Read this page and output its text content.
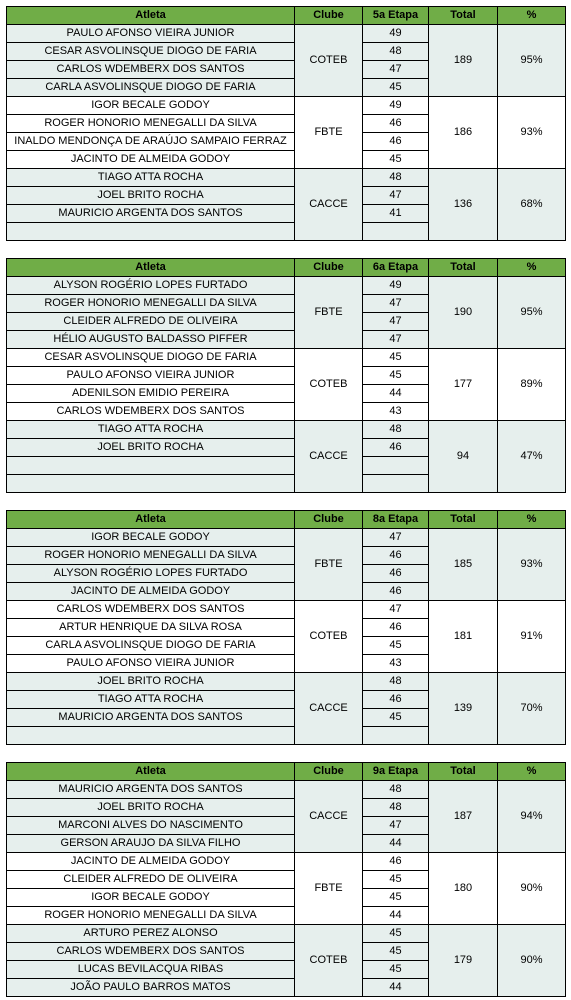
Atleta	Clube	5a Etapa	Total	%
PAULO AFONSO VIEIRA JUNIOR	COTEB	49	189	95%
CESAR ASVOLINSQUE DIOGO DE FARIA		48		
CARLOS WDEMBERX DOS SANTOS		47		
CARLA ASVOLINSQUE DIOGO DE FARIA		45		
IGOR BECALE GODOY	FBTE	49	186	93%
ROGER HONORIO MENEGALLI DA SILVA		46		
INALDO MENDONÇA DE ARAÚJO SAMPAIO FERRAZ		46		
JACINTO DE ALMEIDA GODOY		45		
TIAGO ATTA ROCHA	CACCE	48	136	68%
JOEL BRITO ROCHA		47		
MAURICIO ARGENTA DOS SANTOS		41		

Atleta	Clube	6a Etapa	Total	%
ALYSON ROGÉRIO LOPES FURTADO	FBTE	49	190	95%
ROGER HONORIO MENEGALLI DA SILVA		47		
CLEIDER ALFREDO DE OLIVEIRA		47		
HÉLIO AUGUSTO BALDASSO PIFFER		47		
CESAR ASVOLINSQUE DIOGO DE FARIA	COTEB	45	177	89%
PAULO AFONSO VIEIRA JUNIOR		45		
ADENILSON EMIDIO PEREIRA		44		
CARLOS WDEMBERX DOS SANTOS		43		
TIAGO ATTA ROCHA	CACCE	48	94	47%
JOEL BRITO ROCHA		46		

Atleta	Clube	8a Etapa	Total	%
IGOR BECALE GODOY	FBTE	47	185	93%
ROGER HONORIO MENEGALLI DA SILVA		46		
ALYSON ROGÉRIO LOPES FURTADO		46		
JACINTO DE ALMEIDA GODOY		46		
CARLOS WDEMBERX DOS SANTOS	COTEB	47	181	91%
ARTUR HENRIQUE DA SILVA ROSA		46		
CARLA ASVOLINSQUE DIOGO DE FARIA		45		
PAULO AFONSO VIEIRA JUNIOR		43		
JOEL BRITO ROCHA	CACCE	48	139	70%
TIAGO ATTA ROCHA		46		
MAURICIO ARGENTA DOS SANTOS		45		

Atleta	Clube	9a Etapa	Total	%
MAURICIO ARGENTA DOS SANTOS	CACCE	48	187	94%
JOEL BRITO ROCHA		48		
MARCONI ALVES DO NASCIMENTO		47		
GERSON ARAUJO DA SILVA FILHO		44		
JACINTO DE ALMEIDA GODOY	FBTE	46	180	90%
CLEIDER ALFREDO DE OLIVEIRA		45		
IGOR BECALE GODOY		45		
ROGER HONORIO MENEGALLI DA SILVA		44		
ARTURO PEREZ ALONSO	COTEB	45	179	90%
CARLOS WDEMBERX DOS SANTOS		45		
LUCAS BEVILACQUA RIBAS		45		
JOÃO PAULO BARROS MATOS		44		
